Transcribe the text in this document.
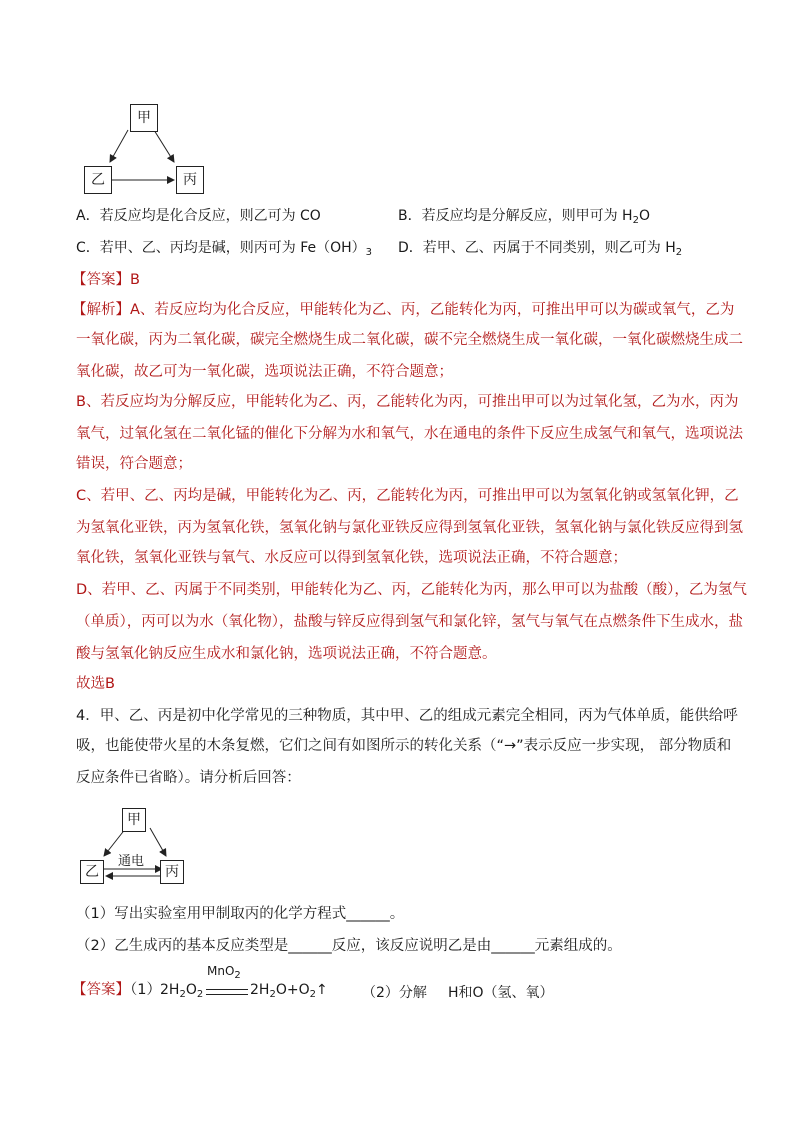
甲
乙	丙
A．若反应均是化合反应，则乙可为 CO	B．若反应均是分解反应，则甲可为 $H_2O$
C．若甲、乙、丙均是碱，则丙可为 $Fe(OH)_3$ D．若甲、乙、丙属于不同类别，则乙可为 $H_2$
【答案】B
【解析】A、若反应均为化合反应，甲能转化为乙、丙，乙能转化为丙，可推出甲可以为碳或氧气，乙为
一氧化碳，丙为二氧化碳，碳完全燃烧生成二氧化碳，碳不完全燃烧生成一氧化碳，一氧化碳燃烧生成二
氧化碳，故乙可为一氧化碳，选项说法正确，不符合题意；
B、若反应均为分解反应，甲能转化为乙、丙，乙能转化为丙，可推出甲可以为过氧化氢，乙为水，丙为
氧气，过氧化氢在二氧化锰的催化下分解为水和氧气，水在通电的条件下反应生成氢气和氧气，选项说法
错误，符合题意；
C、若甲、乙、丙均是碱，甲能转化为乙、丙，乙能转化为丙，可推出甲可以为氢氧化钠或氢氧化钾，乙
为氢氧化亚铁，丙为氢氧化铁，氢氧化钠与氯化亚铁反应得到氢氧化亚铁，氢氧化钠与氯化铁反应得到氢
氧化铁，氢氧化亚铁与氧气、水反应可以得到氢氧化铁，选项说法正确，不符合题意；
D、若甲、乙、丙属于不同类别，甲能转化为乙、丙，乙能转化为丙，那么甲可以为盐酸（酸），乙为氢气
（单质），丙可以为水（氧化物），盐酸与锌反应得到氢气和氯化锌，氢气与氧气在点燃条件下生成水，盐
酸与氢氧化钠反应生成水和氯化钠，选项说法正确，不符合题意。
故选B
4．甲、乙、丙是初中化学常见的三种物质，其中甲、乙的组成元素完全相同，丙为气体单质，能供给呼
吸，也能使带火星的木条复燃，它们之间有如图所示的转化关系（“→”表示反应一步实现， 部分物质和
反应条件已省略）。请分析后回答：
甲
乙	丙
通电
（1）写出实验室用甲制取丙的化学方程式______。
（2）乙生成丙的基本反应类型是______反应，该反应说明乙是由______元素组成的。
【答案】（1） $2H_2O_2$
MnO$_2$
$2H_2O+O_2↑$ （2）分解 H和O（氢、氧）
